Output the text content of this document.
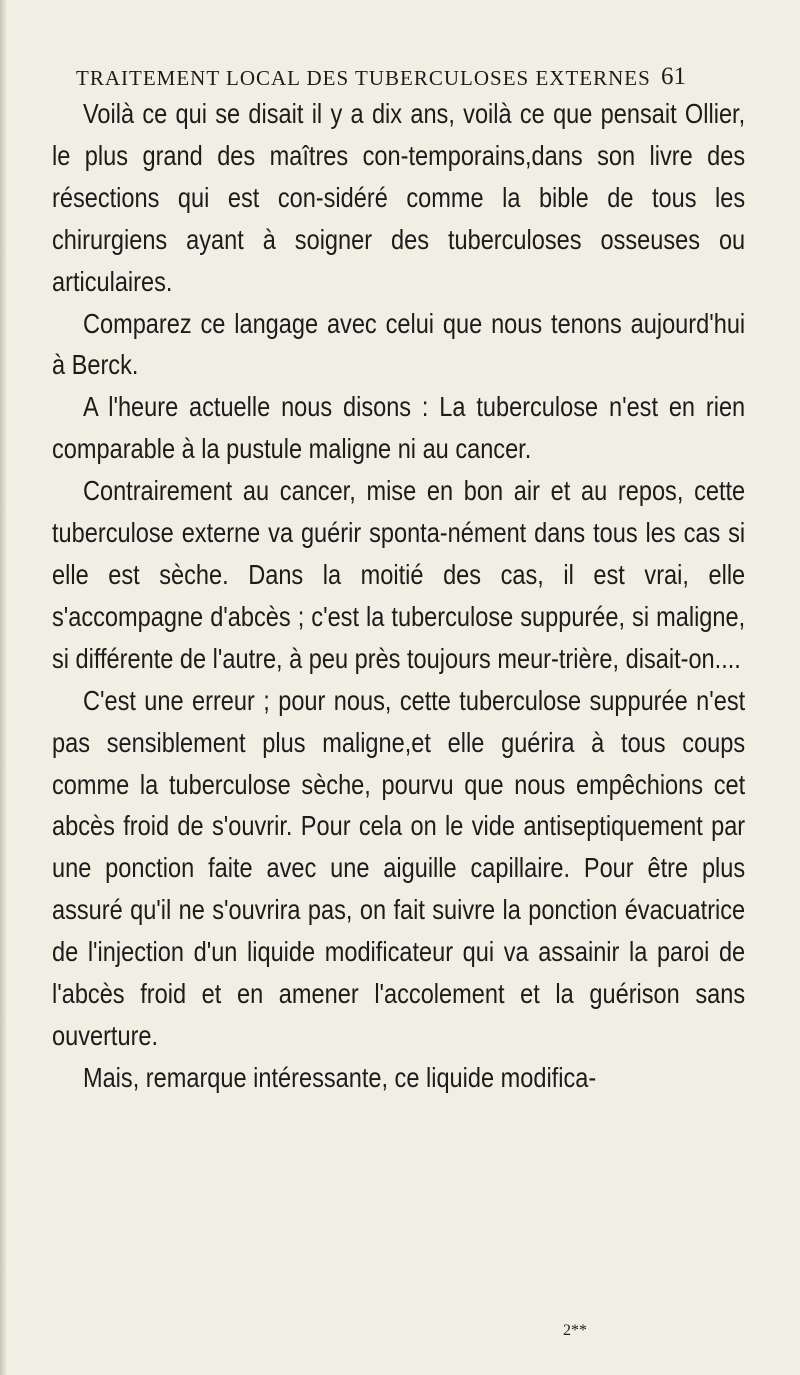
TRAITEMENT LOCAL DES TUBERCULOSES EXTERNES 61

Voilà ce qui se disait il y a dix ans, voilà ce que pensait Ollier, le plus grand des maîtres con-temporains,dans son livre des résections qui est con-sidéré comme la bible de tous les chirurgiens ayant à soigner des tuberculoses osseuses ou articulaires.

Comparez ce langage avec celui que nous tenons aujourd'hui à Berck.

A l'heure actuelle nous disons : La tuberculose n'est en rien comparable à la pustule maligne ni au cancer.

Contrairement au cancer, mise en bon air et au repos, cette tuberculose externe va guérir sponta-nément dans tous les cas si elle est sèche. Dans la moitié des cas, il est vrai, elle s'accompagne d'abcès ; c'est la tuberculose suppurée, si maligne, si différente de l'autre, à peu près toujours meur-trière, disait-on....

C'est une erreur ; pour nous, cette tuberculose suppurée n'est pas sensiblement plus maligne,et elle guérira à tous coups comme la tuberculose sèche, pourvu que nous empêchions cet abcès froid de s'ouvrir. Pour cela on le vide antiseptiquement par une ponction faite avec une aiguille capillaire. Pour être plus assuré qu'il ne s'ouvrira pas, on fait suivre la ponction évacuatrice de l'injection d'un liquide modificateur qui va assainir la paroi de l'abcès froid et en amener l'accolement et la guérison sans ouverture.

Mais, remarque intéressante, ce liquide modifica-

2**
